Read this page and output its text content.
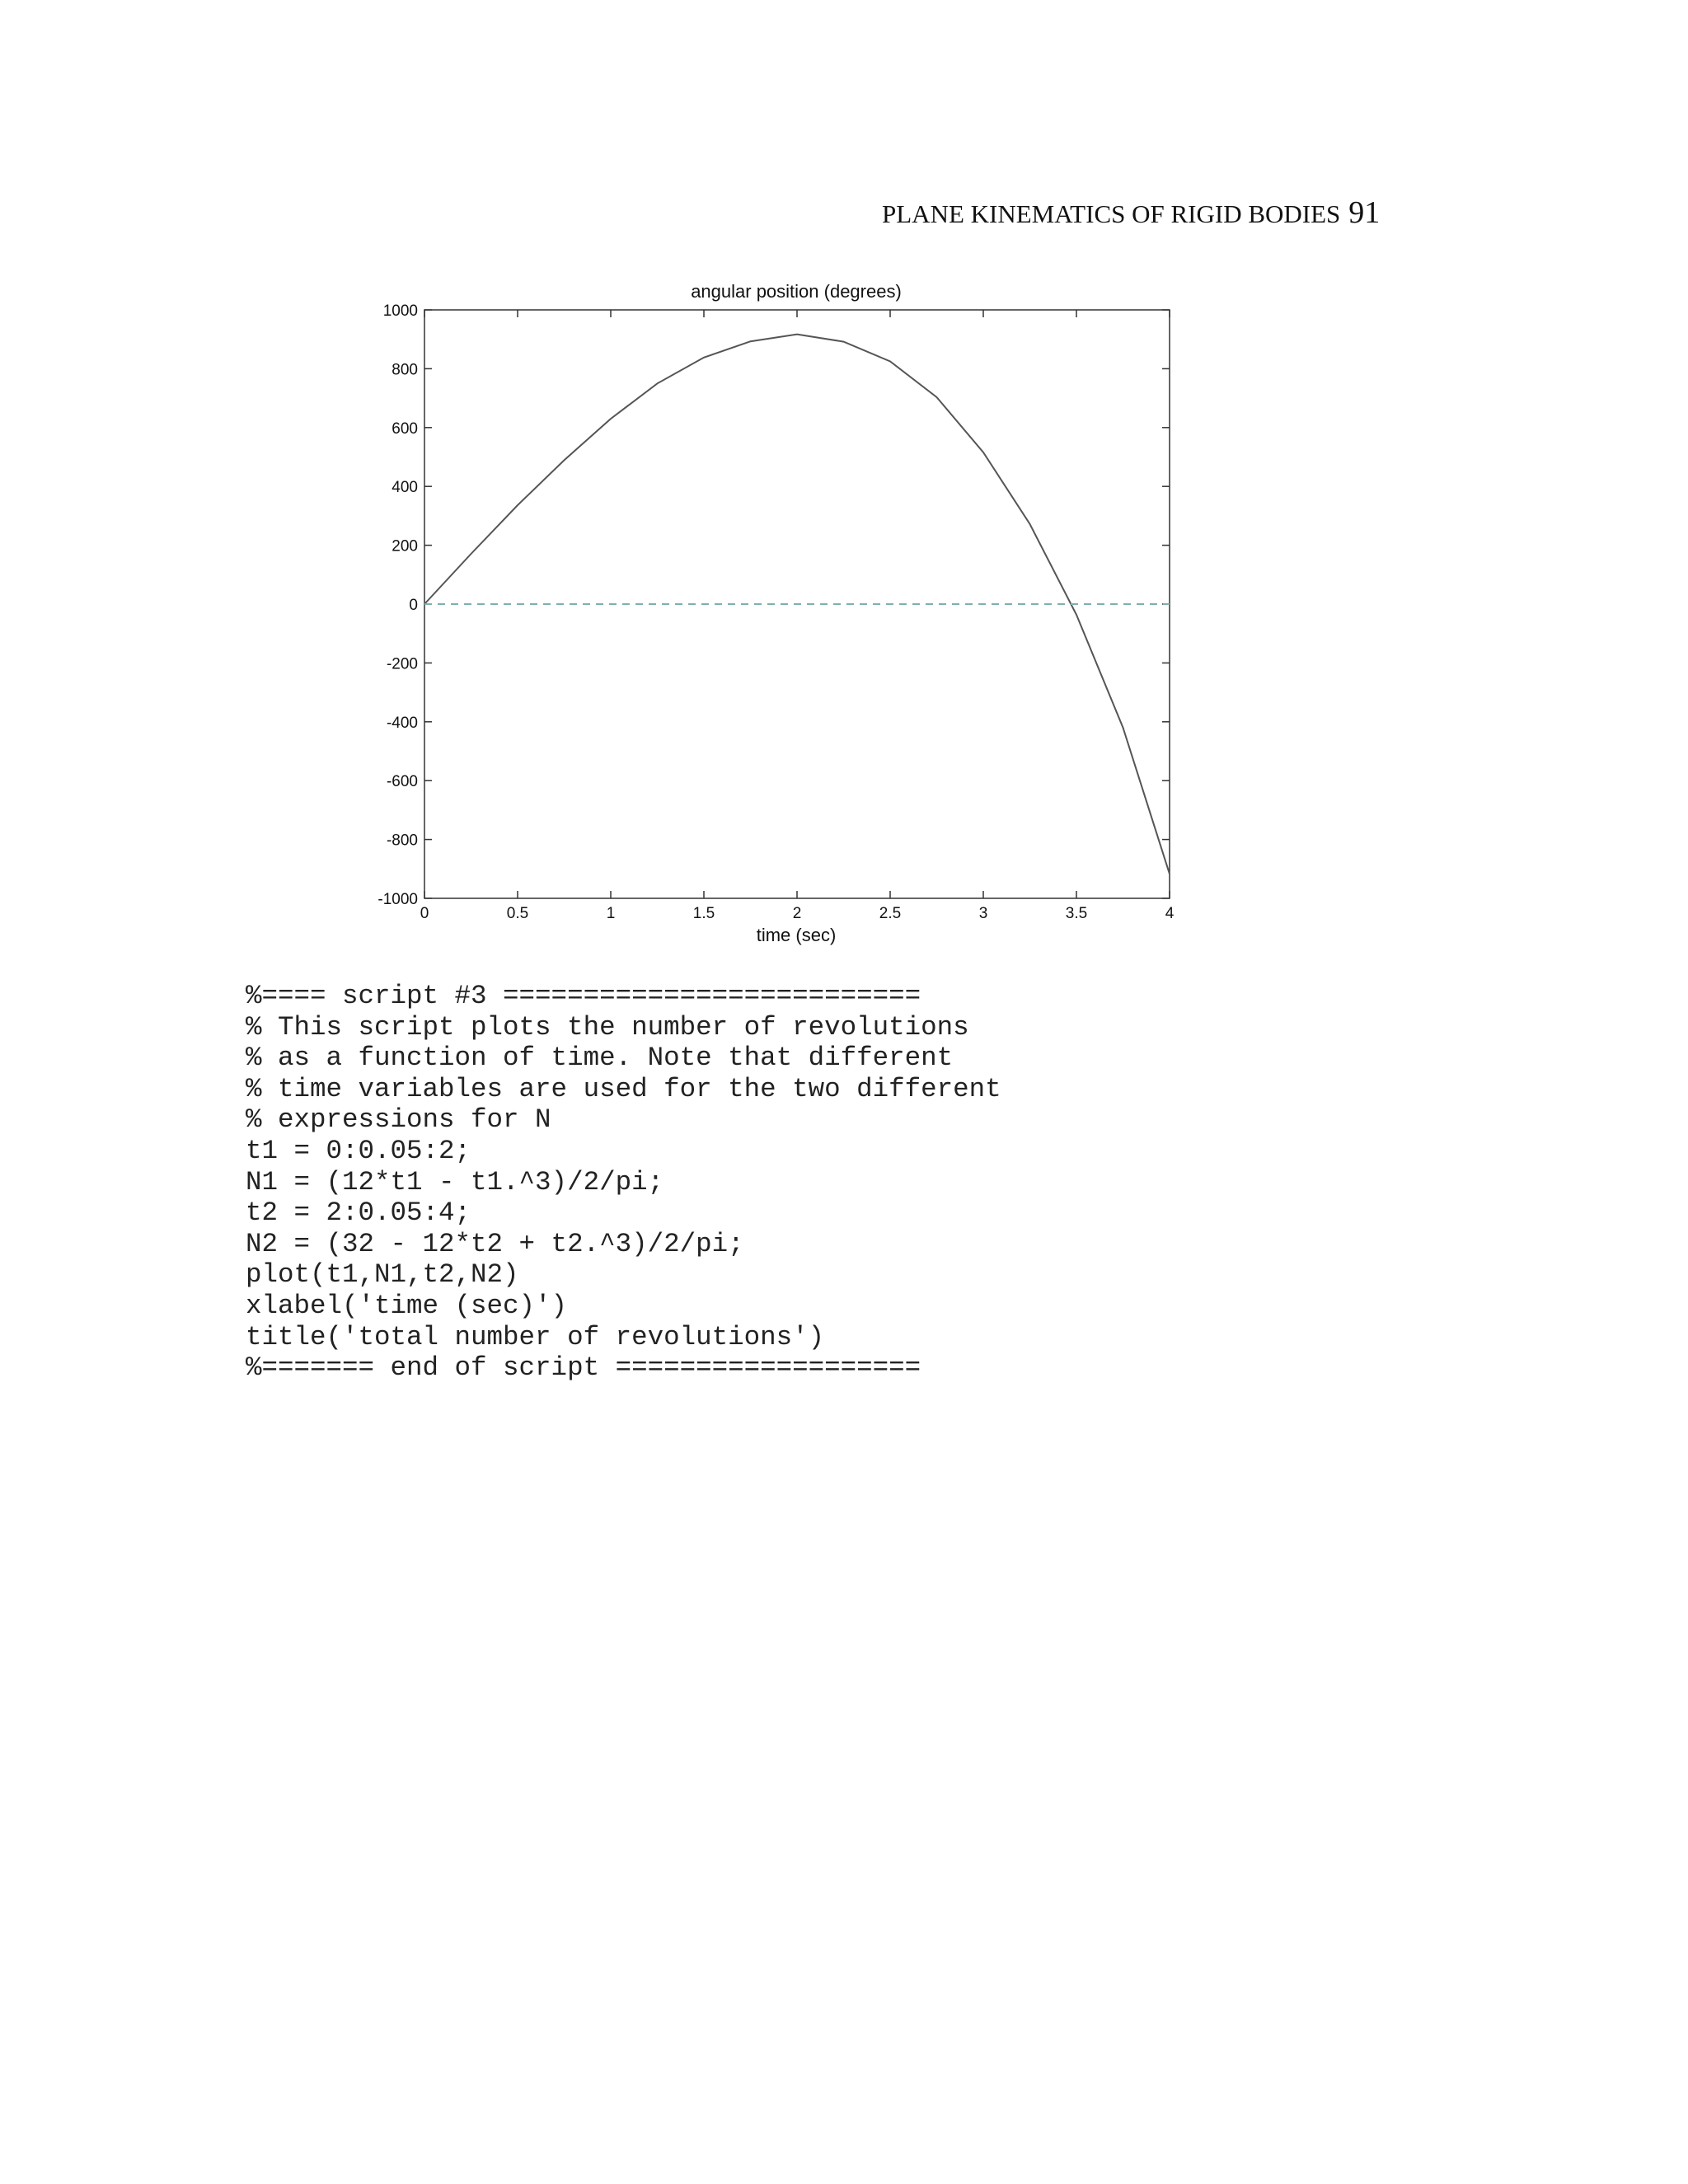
PLANE KINEMATICS OF RIGID BODIES 91
angular position (degrees)
time (sec)
0	0.5	1	1.5	2	2.5	3	3.5	4
1000
800
600
400
200
0
-200
-400
-600
-800
-1000
%==== script #3 ==========================
% This script plots the number of revolutions
% as a function of time. Note that different
% time variables are used for the two different
% expressions for N
t1 = 0:0.05:2;
N1 = (12*t1 - t1.^3)/2/pi;
t2 = 2:0.05:4;
N2 = (32 - 12*t2 + t2.^3)/2/pi;
plot(t1,N1,t2,N2)
xlabel('time (sec)')
title('total number of revolutions')
%======= end of script ===================
